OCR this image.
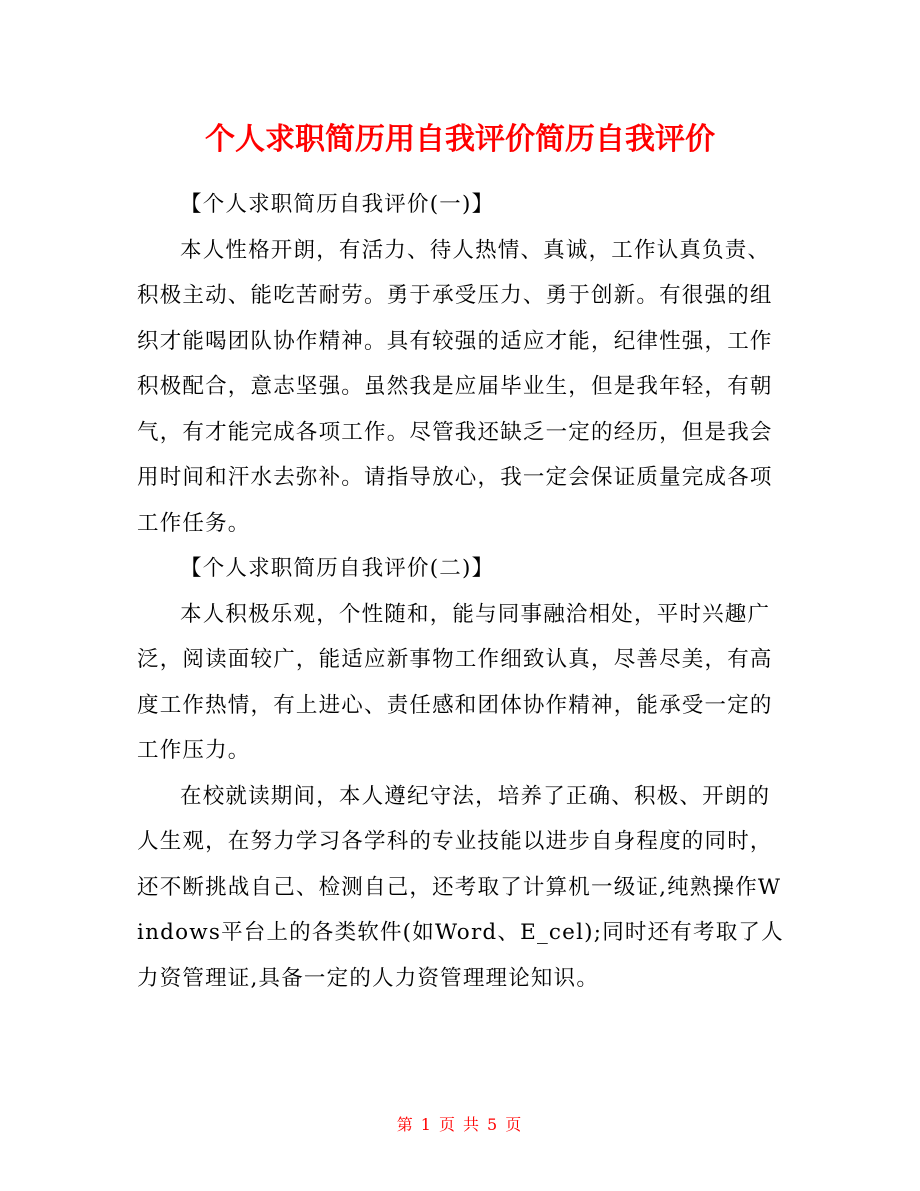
个人求职简历用自我评价简历自我评价

【个人求职简历自我评价(一)】

本人性格开朗，有活力、待人热情、真诚，工作认真负责、积极主动、能吃苦耐劳。勇于承受压力、勇于创新。有很强的组织才能喝团队协作精神。具有较强的适应才能，纪律性强，工作积极配合，意志坚强。虽然我是应届毕业生，但是我年轻，有朝气，有才能完成各项工作。尽管我还缺乏一定的经历，但是我会用时间和汗水去弥补。请指导放心，我一定会保证质量完成各项工作任务。

【个人求职简历自我评价(二)】

本人积极乐观，个性随和，能与同事融洽相处，平时兴趣广泛，阅读面较广，能适应新事物工作细致认真，尽善尽美，有高度工作热情，有上进心、责任感和团体协作精神，能承受一定的工作压力。

在校就读期间，本人遵纪守法，培养了正确、积极、开朗的人生观，在努力学习各学科的专业技能以进步自身程度的同时，还不断挑战自己、检测自己，还考取了计算机一级证,纯熟操作Windows平台上的各类软件(如Word、E_cel);同时还有考取了人力资管理证,具备一定的人力资管理理论知识。

第 1 页 共 5 页
